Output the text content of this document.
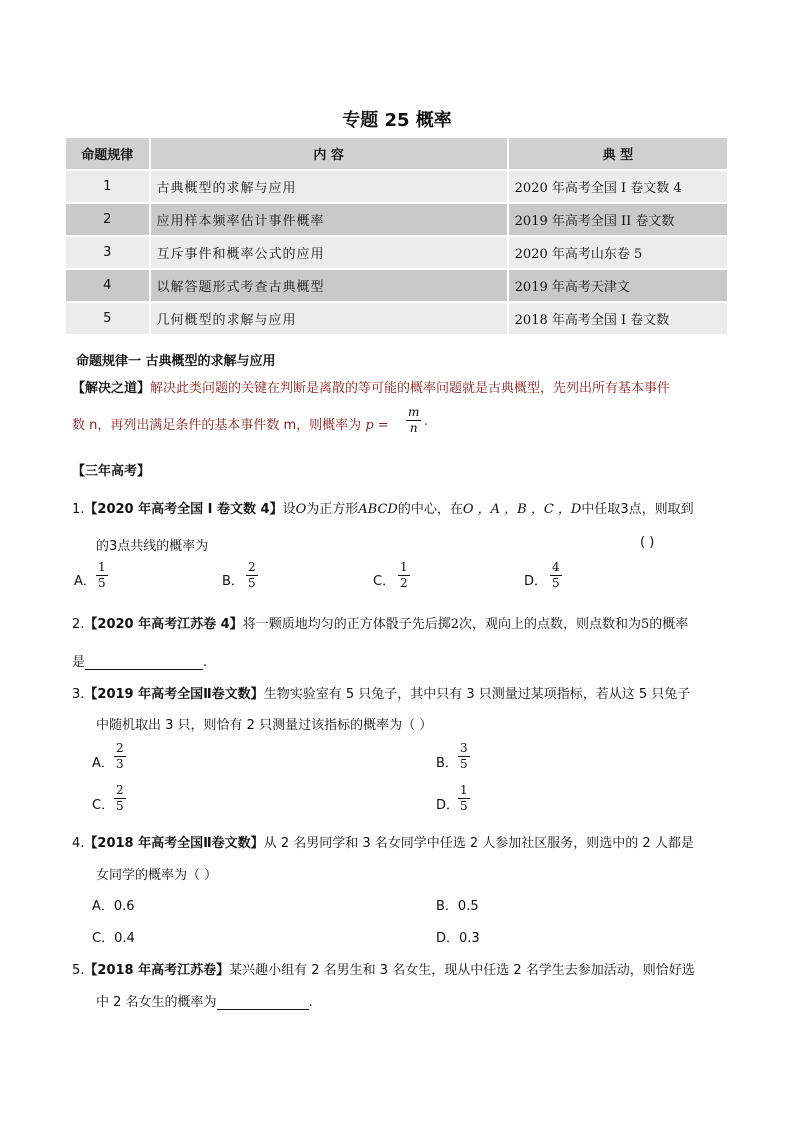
专题 25 概率
命题规律	内 容	典 型
1	古典概型的求解与应用	2020 年高考全国 I 卷文数 4
2	应用样本频率估计事件概率	2019 年高考全国 II 卷文数
3	互斥事件和概率公式的应用	2020 年高考山东卷 5
4	以解答题形式考查古典概型	2019 年高考天津文
5	几何概型的求解与应用	2018 年高考全国 I 卷文数
命题规律一 古典概型的求解与应用
【解决之道】解决此类问题的关键在判断是离散的等可能的概率问题就是古典概型，先列出所有基本事件
数 n，再列出满足条件的基本事件数 m，则概率为 $p = \frac{m}{n}$ .
【三年高考】
1.【2020 年高考全国 I 卷文数 4】设O为正方形ABCD的中心，在O ，A ，B ，C ，D中任取3点，则取到
的3点共线的概率为	( )
A． $\frac{1}{5}$	B． $\frac{2}{5}$	C． $\frac{1}{2}$	D． $\frac{4}{5}$
2.【2020 年高考江苏卷 4】将一颗质地均匀的正方体骰子先后掷2次，观向上的点数，则点数和为5的概率
是	.
3.【2019 年高考全国Ⅱ卷文数】生物实验室有 5 只兔子，其中只有 3 只测量过某项指标，若从这 5 只兔子
中随机取出 3 只，则恰有 2 只测量过该指标的概率为（ ）
A． $\frac{2}{3}$	B． $\frac{3}{5}$
C． $\frac{2}{5}$	D．
$\frac{1}{5}$
4.【2018 年高考全国Ⅱ卷文数】从 2 名男同学和 3 名女同学中任选 2 人参加社区服务，则选中的 2 人都是
女同学的概率为（ ）
A．0.6	B．0.5
C．0.4	D．0.3
5.【2018 年高考江苏卷】某兴趣小组有 2 名男生和 3 名女生，现从中任选 2 名学生去参加活动，则恰好选
中 2 名女生的概率为	.
